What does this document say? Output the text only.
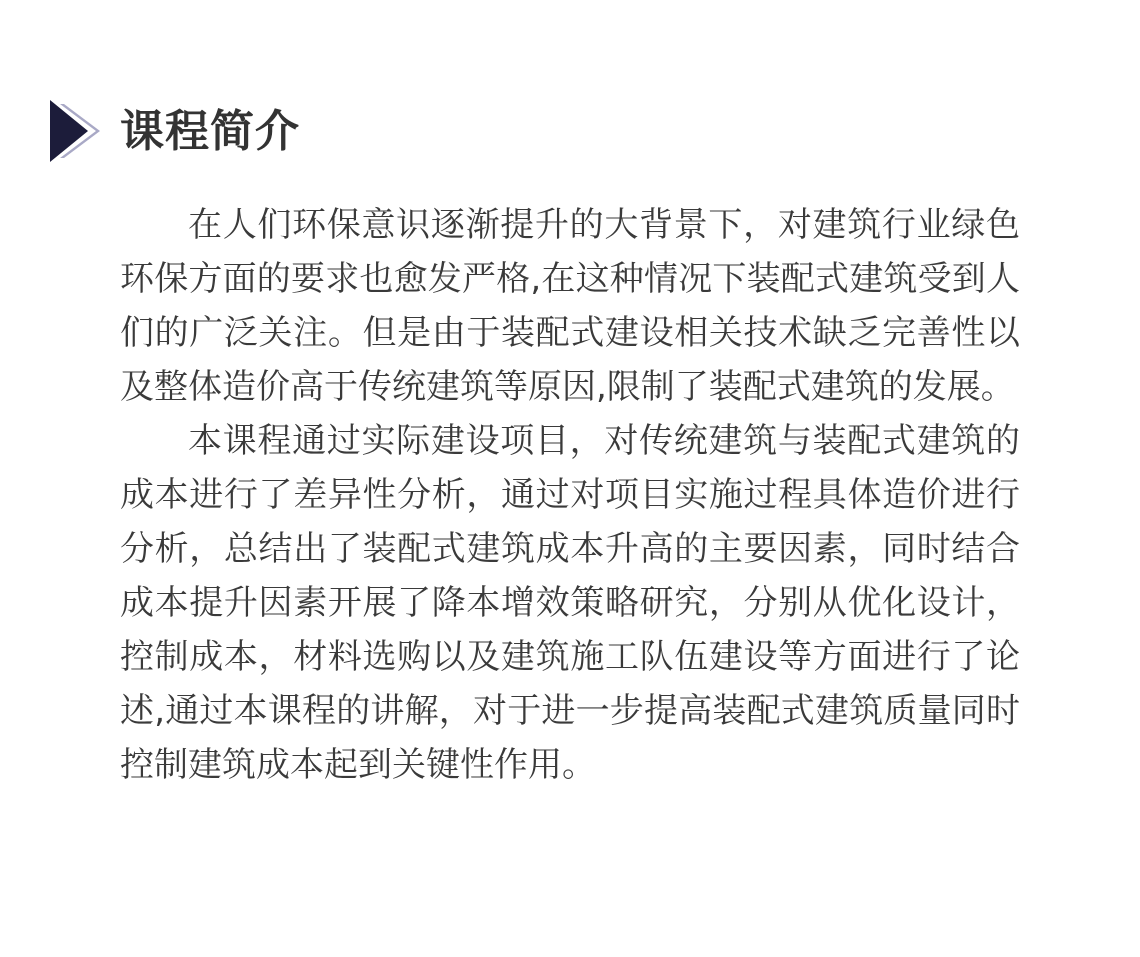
课程简介

在人们环保意识逐渐提升的大背景下，对建筑行业绿色环保方面的要求也愈发严格,在这种情况下装配式建筑受到人们的广泛关注。但是由于装配式建设相关技术缺乏完善性以及整体造价高于传统建筑等原因,限制了装配式建筑的发展。

本课程通过实际建设项目，对传统建筑与装配式建筑的成本进行了差异性分析，通过对项目实施过程具体造价进行分析，总结出了装配式建筑成本升高的主要因素，同时结合成本提升因素开展了降本增效策略研究，分别从优化设计，控制成本，材料选购以及建筑施工队伍建设等方面进行了论述,通过本课程的讲解，对于进一步提高装配式建筑质量同时控制建筑成本起到关键性作用。
